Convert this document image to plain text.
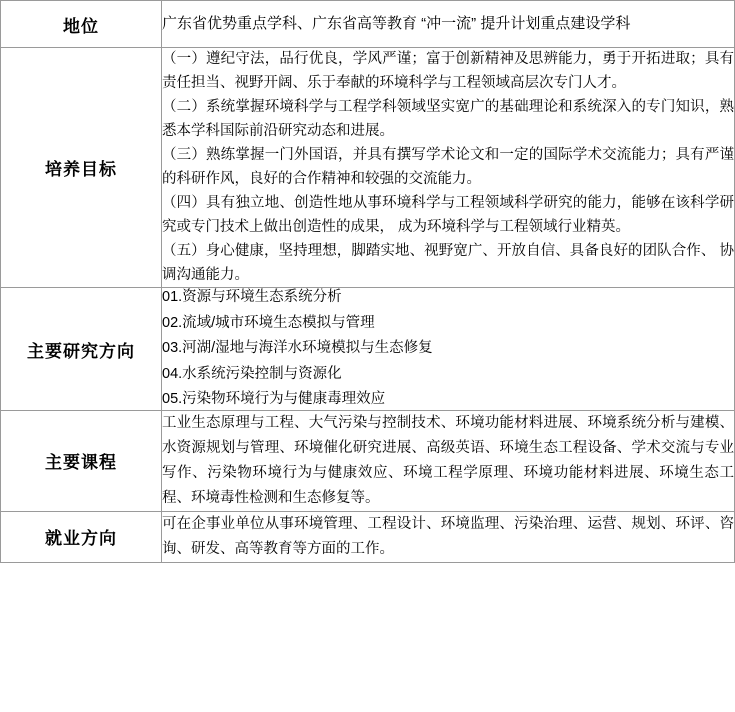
地位	广东省优势重点学科、广东省高等教育 “冲一流” 提升计划重点建设学科

培养目标	（一）遵纪守法，品行优良，学风严谨；富于创新精神及思辨能力，勇于开拓进取；具有责任担当、视野开阔、乐于奉献的环境科学与工程领域高层次专门人才。

（二）系统掌握环境科学与工程学科领域坚实宽广的基础理论和系统深入的专门知识，熟悉本学科国际前沿研究动态和进展。

（三）熟练掌握一门外国语，并具有撰写学术论文和一定的国际学术交流能力；具有严谨的科研作风，良好的合作精神和较强的交流能力。

（四）具有独立地、创造性地从事环境科学与工程领域科学研究的能力，能够在该科学研究或专门技术上做出创造性的成果， 成为环境科学与工程领域行业精英。

（五）身心健康，坚持理想，脚踏实地、视野宽广、开放自信、具备良好的团队合作、 协调沟通能力。

主要研究方向	01.资源与环境生态系统分析

02.流域/城市环境生态模拟与管理

03.河湖/湿地与海洋水环境模拟与生态修复

04.水系统污染控制与资源化

05.污染物环境行为与健康毒理效应

主要课程	工业生态原理与工程、大气污染与控制技术、环境功能材料进展、环境系统分析与建模、水资源规划与管理、环境催化研究进展、高级英语、环境生态工程设备、学术交流与专业写作、污染物环境行为与健康效应、环境工程学原理、环境功能材料进展、环境生态工程、环境毒性检测和生态修复等。

就业方向	可在企事业单位从事环境管理、工程设计、环境监理、污染治理、运营、规划、环评、咨询、研发、高等教育等方面的工作。
